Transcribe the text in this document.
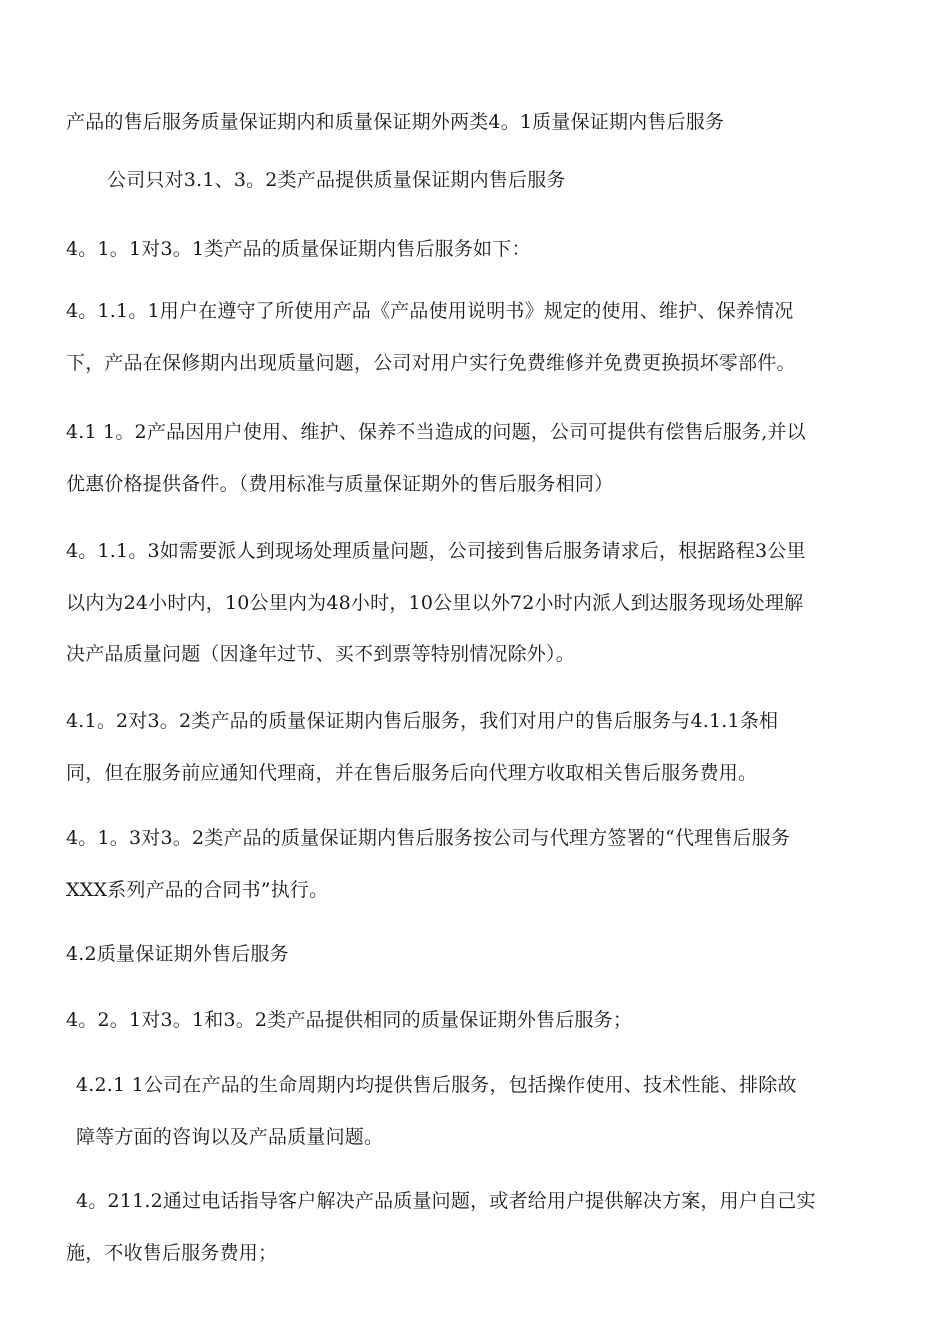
产品的售后服务质量保证期内和质量保证期外两类4。1质量保证期内售后服务
公司只对3.1、3。2类产品提供质量保证期内售后服务
4。1。1对3。1类产品的质量保证期内售后服务如下：
4。1.1。1用户在遵守了所使用产品《产品使用说明书》规定的使用、维护、保养情况
下，产品在保修期内出现质量问题，公司对用户实行免费维修并免费更换损坏零部件。
4.1 1。2产品因用户使用、维护、保养不当造成的问题，公司可提供有偿售后服务,并以
优惠价格提供备件。（费用标准与质量保证期外的售后服务相同）
4。1.1。3如需要派人到现场处理质量问题，公司接到售后服务请求后，根据路程3公里
以内为24小时内，10公里内为48小时，10公里以外72小时内派人到达服务现场处理解
决产品质量问题（因逢年过节、买不到票等特别情况除外）。
4.1。2对3。2类产品的质量保证期内售后服务，我们对用户的售后服务与4.1.1条相
同，但在服务前应通知代理商，并在售后服务后向代理方收取相关售后服务费用。
4。1。3对3。2类产品的质量保证期内售后服务按公司与代理方签署的“代理售后服务
XXX系列产品的合同书”执行。
4.2质量保证期外售后服务
4。2。1对3。1和3。2类产品提供相同的质量保证期外售后服务；
4.2.1 1公司在产品的生命周期内均提供售后服务，包括操作使用、技术性能、排除故
障等方面的咨询以及产品质量问题。
4。211.2通过电话指导客户解决产品质量问题，或者给用户提供解决方案，用户自己实
施，不收售后服务费用；
